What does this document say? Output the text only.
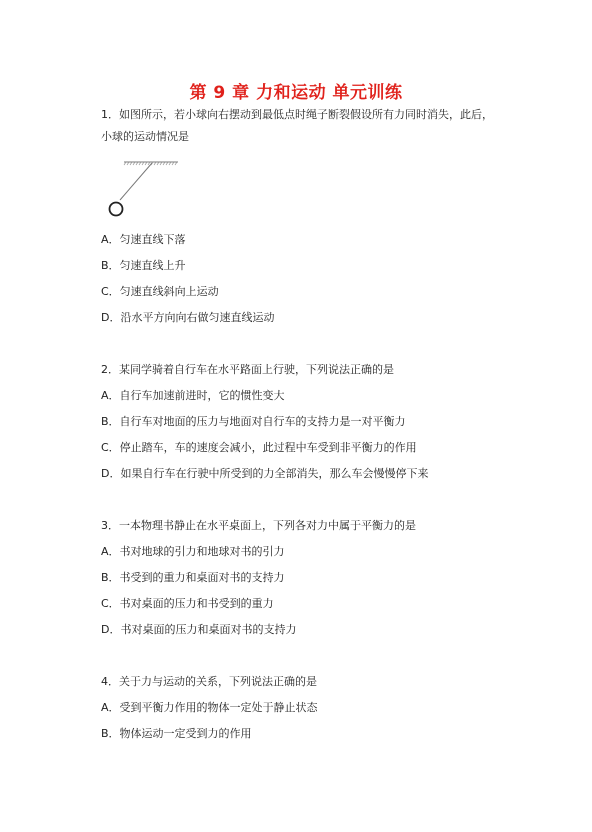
第 9 章 力和运动 单元训练
1．如图所示，若小球向右摆动到最低点时绳子断裂假设所有力同时消失，此后，小球的运动情况是
A．匀速直线下落
B．匀速直线上升
C．匀速直线斜向上运动
D．沿水平方向向右做匀速直线运动
2．某同学骑着自行车在水平路面上行驶，下列说法正确的是
A．自行车加速前进时，它的惯性变大
B．自行车对地面的压力与地面对自行车的支持力是一对平衡力
C．停止踏车，车的速度会减小，此过程中车受到非平衡力的作用
D．如果自行车在行驶中所受到的力全部消失，那么车会慢慢停下来
3．一本物理书静止在水平桌面上，下列各对力中属于平衡力的是
A．书对地球的引力和地球对书的引力
B．书受到的重力和桌面对书的支持力
C．书对桌面的压力和书受到的重力
D．书对桌面的压力和桌面对书的支持力
4．关于力与运动的关系，下列说法正确的是
A．受到平衡力作用的物体一定处于静止状态
B．物体运动一定受到力的作用
